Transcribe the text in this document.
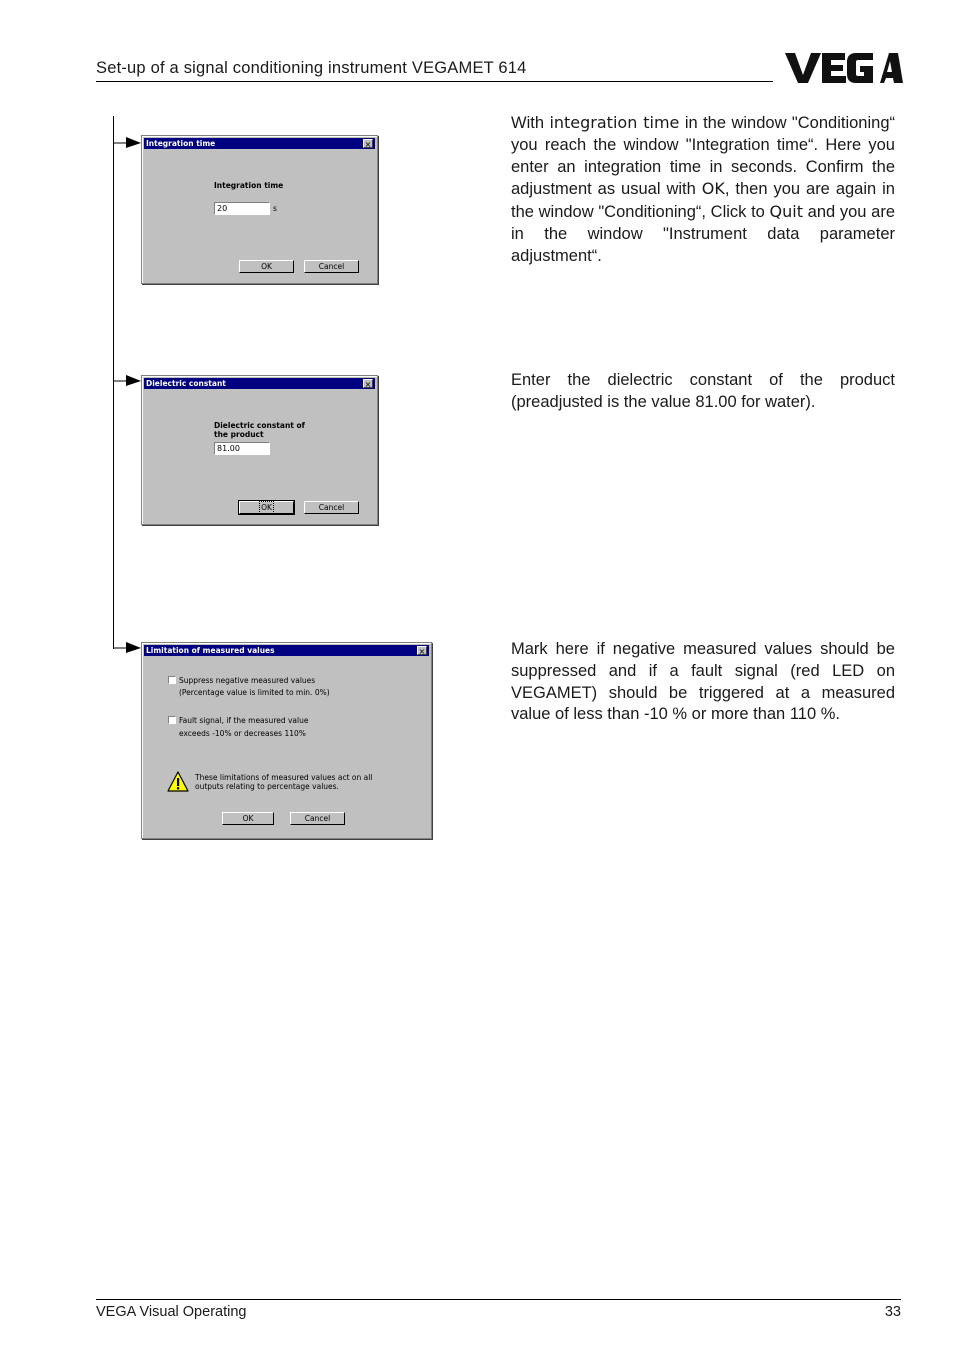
Set-up of a signal conditioning instrument VEGAMET 614
Integration time	×
Integration time
20	s
OK	Cancel

With integration time in the window "Conditioning“ you reach the window "Integration time“. Here you enter an integration time in seconds. Confirm the adjustment as usual with OK, then you are again in the window "Conditioning“, Click to Quit and you are in the window "Instrument data parameter adjustment“.

Dielectric constant	×
Dielectric constant of
the product
81.00
OK	Cancel

Enter the dielectric constant of the product (preadjusted is the value 81.00 for water).

Limitation of measured values	×
Suppress negative measured values
(Percentage value is limited to min. 0%)
Fault signal, if the measured value
exceeds -10% or decreases 110%
These limitations of measured values act on all
outputs relating to percentage values.
OK	Cancel

Mark here if negative measured values should be suppressed and if a fault signal (red LED on VEGAMET) should be triggered at a measured value of less than -10 % or more than 110 %.

VEGA Visual Operating	33
